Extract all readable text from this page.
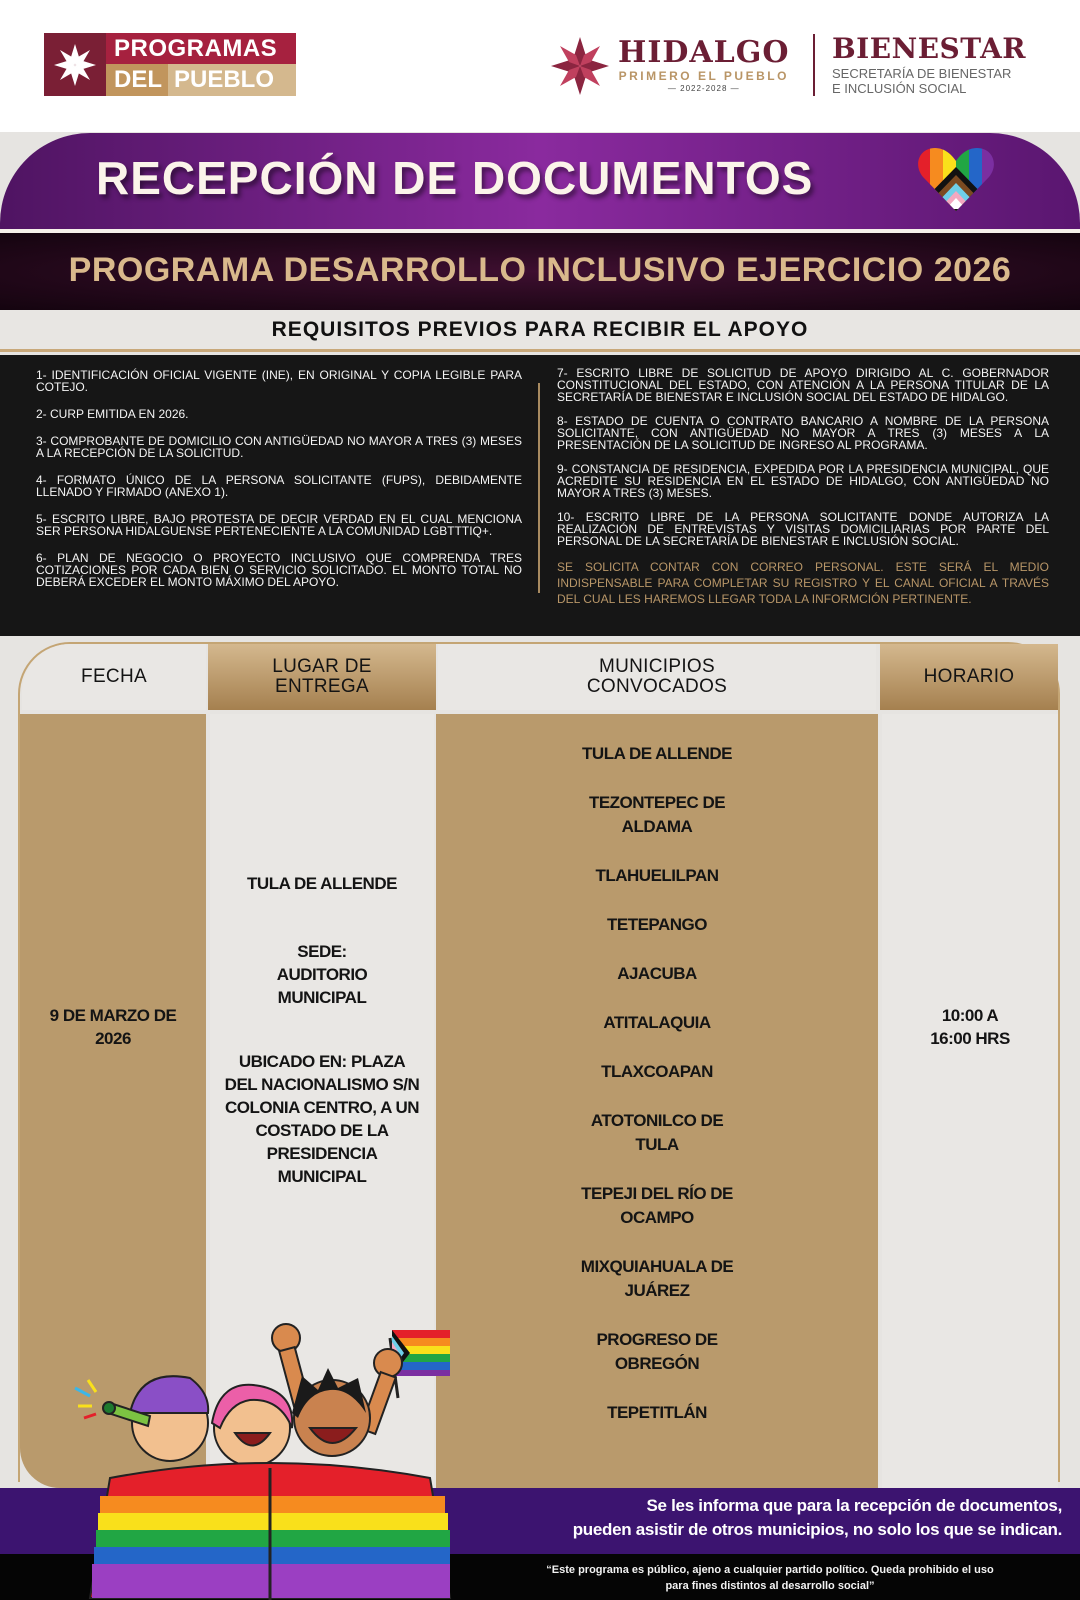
PROGRAMAS
DEL PUEBLO
HIDALGO
PRIMERO EL PUEBLO
— 2022-2028 —
BIENESTAR
SECRETARÍA DE BIENESTAR
E INCLUSIÓN SOCIAL
RECEPCIÓN DE DOCUMENTOS
PROGRAMA DESARROLLO INCLUSIVO EJERCICIO 2026
REQUISITOS PREVIOS PARA RECIBIR EL APOYO

1- IDENTIFICACIÓN OFICIAL VIGENTE (INE), EN ORIGINAL Y COPIA LEGIBLE PARA COTEJO.

2- CURP EMITIDA EN 2026.

3- COMPROBANTE DE DOMICILIO CON ANTIGÜEDAD NO MAYOR A TRES (3) MESES A LA RECEPCIÓN DE LA SOLICITUD.

4- FORMATO ÚNICO DE LA PERSONA SOLICITANTE (FUPS), DEBIDAMENTE LLENADO Y FIRMADO (ANEXO 1).

5- ESCRITO LIBRE, BAJO PROTESTA DE DECIR VERDAD EN EL CUAL MENCIONA SER PERSONA HIDALGUENSE PERTENECIENTE A LA COMUNIDAD LGBTTTIQ+.

6- PLAN DE NEGOCIO O PROYECTO INCLUSIVO QUE COMPRENDA TRES COTIZACIONES POR CADA BIEN O SERVICIO SOLICITADO. EL MONTO TOTAL NO DEBERÁ EXCEDER EL MONTO MÁXIMO DEL APOYO.

7- ESCRITO LIBRE DE SOLICITUD DE APOYO DIRIGIDO AL C. GOBERNADOR CONSTITUCIONAL DEL ESTADO, CON ATENCIÓN A LA PERSONA TITULAR DE LA SECRETARÍA DE BIENESTAR E INCLUSIÓN SOCIAL DEL ESTADO DE HIDALGO.

8- ESTADO DE CUENTA O CONTRATO BANCARIO A NOMBRE DE LA PERSONA SOLICITANTE, CON ANTIGÜEDAD NO MAYOR A TRES (3) MESES A LA PRESENTACIÓN DE LA SOLICITUD DE INGRESO AL PROGRAMA.

9- CONSTANCIA DE RESIDENCIA, EXPEDIDA POR LA PRESIDENCIA MUNICIPAL, QUE ACREDITE SU RESIDENCIA EN EL ESTADO DE HIDALGO, CON ANTIGÜEDAD NO MAYOR A TRES (3) MESES.

10- ESCRITO LIBRE DE LA PERSONA SOLICITANTE DONDE AUTORIZA LA REALIZACIÓN DE ENTREVISTAS Y VISITAS DOMICILIARIAS POR PARTE DEL PERSONAL DE LA SECRETARÍA DE BIENESTAR E INCLUSIÓN SOCIAL.

SE SOLICITA CONTAR CON CORREO PERSONAL. ESTE SERÁ EL MEDIO INDISPENSABLE PARA COMPLETAR SU REGISTRO Y EL CANAL OFICIAL A TRAVÉS DEL CUAL LES HAREMOS LLEGAR TODA LA INFORMCIÓN PERTINENTE.

FECHA	LUGAR DE ENTREGA
MUNICIPIOS CONVOCADOS	HORARIO
9 DE MARZO DE 2026
TULA DE ALLENDE
SEDE: AUDITORIO MUNICIPAL
UBICADO EN: PLAZA DEL NACIONALISMO S/N COLONIA CENTRO, A UN COSTADO DE LA PRESIDENCIA MUNICIPAL
TULA DE ALLENDE
TEZONTEPEC DE ALDAMA
TLAHUELILPAN
TETEPANGO
AJACUBA
ATITALAQUIA
TLAXCOAPAN
ATOTONILCO DE TULA
TEPEJI DEL RÍO DE OCAMPO
MIXQUIAHUALA DE JUÁREZ
PROGRESO DE OBREGÓN
TEPETITLÁN
10:00 A 16:00 HRS
Se les informa que para la recepción de documentos,
pueden asistir de otros municipios, no solo los que se indican.
“Este programa es público, ajeno a cualquier partido político. Queda prohibido el uso para fines distintos al desarrollo social”
